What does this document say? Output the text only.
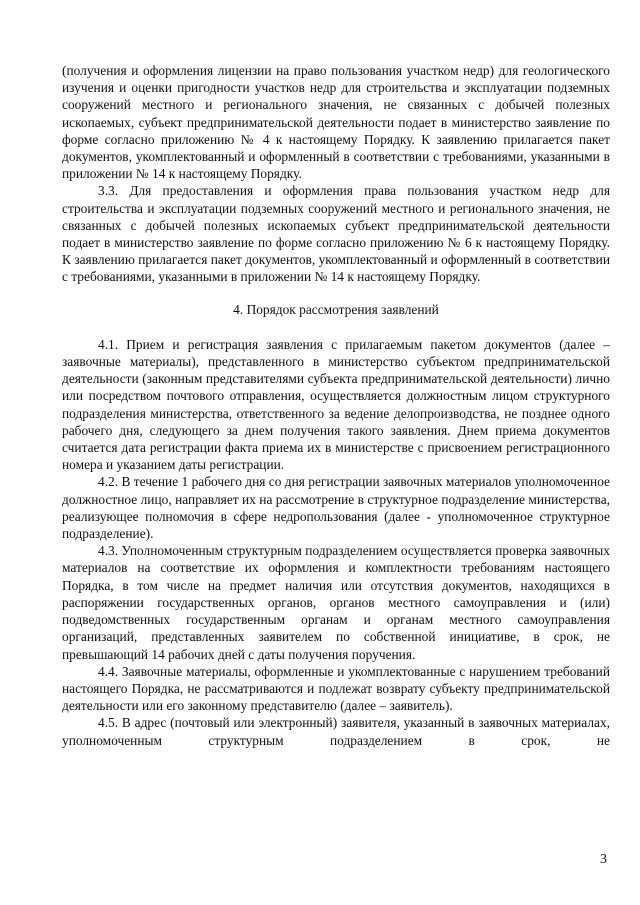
(получения и оформления лицензии на право пользования участком недр) для геологического изучения и оценки пригодности участков недр для строительства и эксплуатации подземных сооружений местного и регионального значения, не связанных с добычей полезных ископаемых, субъект предпринимательской деятельности подает в министерство заявление по форме согласно приложению № 4 к настоящему Порядку. К заявлению прилагается пакет документов, укомплектованный и оформленный в соответствии с требованиями, указанными в приложении № 14 к настоящему Порядку.

3.3. Для предоставления и оформления права пользования участком недр для строительства и эксплуатации подземных сооружений местного и регионального значения, не связанных с добычей полезных ископаемых субъект предпринимательской деятельности подает в министерство заявление по форме согласно приложению № 6 к настоящему Порядку. К заявлению прилагается пакет документов, укомплектованный и оформленный в соответствии с требованиями, указанными в приложении № 14 к настоящему Порядку.

4. Порядок рассмотрения заявлений

4.1. Прием и регистрация заявления с прилагаемым пакетом документов (далее – заявочные материалы), представленного в министерство субъектом предпринимательской деятельности (законным представителями субъекта предпринимательской деятельности) лично или посредством почтового отправления, осуществляется должностным лицом структурного подразделения министерства, ответственного за ведение делопроизводства, не позднее одного рабочего дня, следующего за днем получения такого заявления. Днем приема документов считается дата регистрации факта приема их в министерстве с присвоением регистрационного номера и указанием даты регистрации.

4.2. В течение 1 рабочего дня со дня регистрации заявочных материалов уполномоченное должностное лицо, направляет их на рассмотрение в структурное подразделение министерства, реализующее полномочия в сфере недропользования (далее - уполномоченное структурное подразделение).

4.3. Уполномоченным структурным подразделением осуществляется проверка заявочных материалов на соответствие их оформления и комплектности требованиям настоящего Порядка, в том числе на предмет наличия или отсутствия документов, находящихся в распоряжении государственных органов, органов местного самоуправления и (или) подведомственных государственным органам и органам местного самоуправления организаций, представленных заявителем по собственной инициативе, в срок, не превышающий 14 рабочих дней с даты получения поручения.

4.4. Заявочные материалы, оформленные и укомплектованные с нарушением требований настоящего Порядка, не рассматриваются и подлежат возврату субъекту предпринимательской деятельности или его законному представителю (далее – заявитель).

4.5. В адрес (почтовый или электронный) заявителя, указанный в заявочных материалах, уполномоченным структурным подразделением в срок, не

3
